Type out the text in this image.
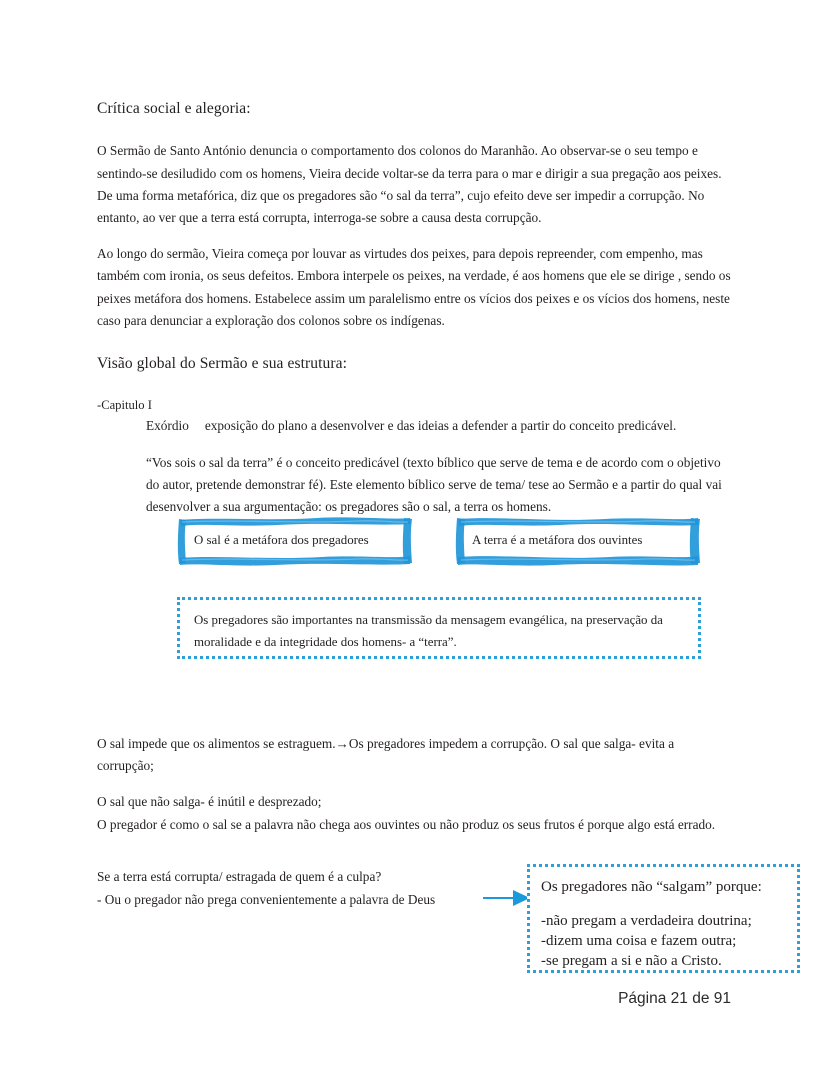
Crítica social e alegoria:

O Sermão de Santo António denuncia o comportamento dos colonos do Maranhão. Ao observar-se o seu tempo e sentindo-se desiludido com os homens, Vieira decide voltar-se da terra para o mar e dirigir a sua pregação aos peixes. De uma forma metafórica, diz que os pregadores são “o sal da terra”, cujo efeito deve ser impedir a corrupção. No entanto, ao ver que a terra está corrupta, interroga-se sobre a causa desta corrupção.

Ao longo do sermão, Vieira começa por louvar as virtudes dos peixes, para depois repreender, com empenho, mas também com ironia, os seus defeitos. Embora interpele os peixes, na verdade, é aos homens que ele se dirige , sendo os peixes metáfora dos homens. Estabelece assim um paralelismo entre os vícios dos peixes e os vícios dos homens, neste caso para denunciar a exploração dos colonos sobre os indígenas.

Visão global do Sermão e sua estrutura:

-Capitulo I

Exórdio exposição do plano a desenvolver e das ideias a defender a partir do conceito predicável.

“Vos sois o sal da terra” é o conceito predicável (texto bíblico que serve de tema e de acordo com o objetivo do autor, pretende demonstrar fé). Este elemento bíblico serve de tema/ tese ao Sermão e a partir do qual vai desenvolver a sua argumentação: os pregadores são o sal, a terra os homens.

O sal é a metáfora dos pregadores	A terra é a metáfora dos ouvintes

Os pregadores são importantes na transmissão da mensagem evangélica, na preservação da moralidade e da integridade dos homens- a “terra”.

O sal impede que os alimentos se estraguem.→Os pregadores impedem a corrupção. O sal que salga- evita a corrupção;

O sal que não salga- é inútil e desprezado;

O pregador é como o sal se a palavra não chega aos ouvintes ou não produz os seus frutos é porque algo está errado.

Se a terra está corrupta/ estragada de quem é a culpa?

- Ou o pregador não prega convenientemente a palavra de Deus

Os pregadores não “salgam” porque:

-não pregam a verdadeira doutrina;

-dizem uma coisa e fazem outra;

-se pregam a si e não a Cristo.

Página 21 de 91
